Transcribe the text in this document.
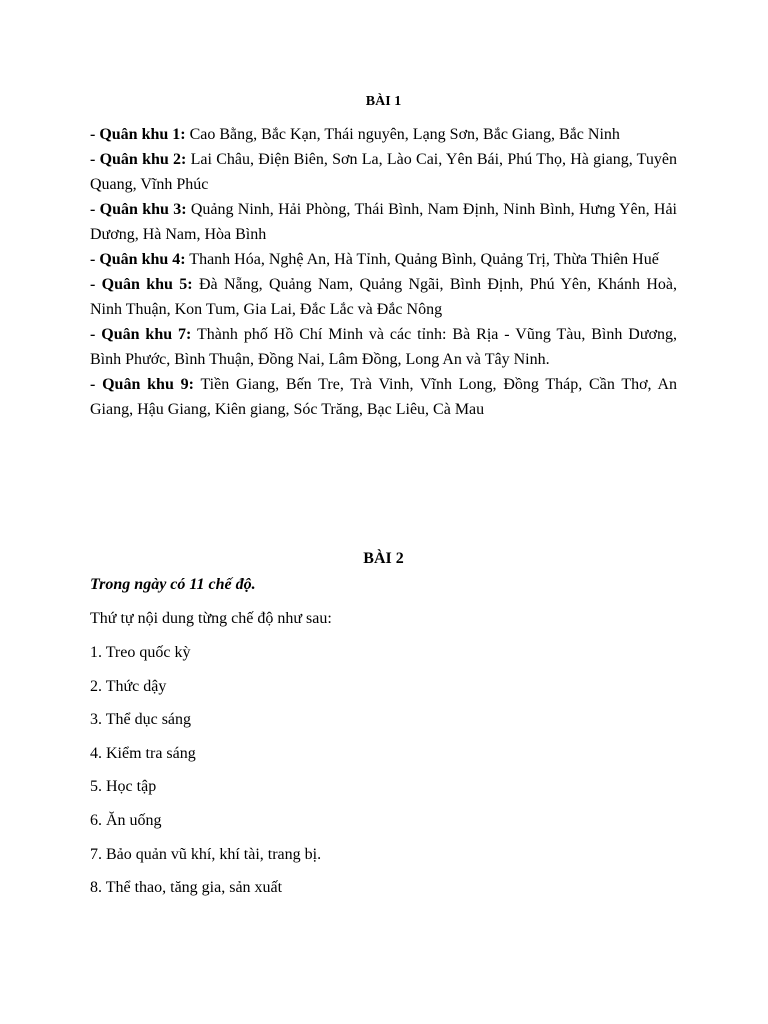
BÀI 1

- Quân khu 1: Cao Bằng, Bắc Kạn, Thái nguyên, Lạng Sơn, Bắc Giang, Bắc Ninh

- Quân khu 2: Lai Châu, Điện Biên, Sơn La, Lào Cai, Yên Bái, Phú Thọ, Hà giang, Tuyên Quang, Vĩnh Phúc

- Quân khu 3: Quảng Ninh, Hải Phòng, Thái Bình, Nam Định, Ninh Bình, Hưng Yên, Hải Dương, Hà Nam, Hòa Bình

- Quân khu 4: Thanh Hóa, Nghệ An, Hà Tỉnh, Quảng Bình, Quảng Trị, Thừa Thiên Huế

- Quân khu 5: Đà Nẵng, Quảng Nam, Quảng Ngãi, Bình Định, Phú Yên, Khánh Hoà, Ninh Thuận, Kon Tum, Gia Lai, Đắc Lắc và Đắc Nông

- Quân khu 7: Thành phố Hồ Chí Minh và các tỉnh: Bà Rịa - Vũng Tàu, Bình Dương, Bình Phước, Bình Thuận, Đồng Nai, Lâm Đồng, Long An và Tây Ninh.

- Quân khu 9: Tiền Giang, Bến Tre, Trà Vinh, Vĩnh Long, Đồng Tháp, Cần Thơ, An Giang, Hậu Giang, Kiên giang, Sóc Trăng, Bạc Liêu, Cà Mau

BÀI 2

Trong ngày có 11 chế độ.

Thứ tự nội dung từng chế độ như sau:

1. Treo quốc kỳ
2. Thức dậy
3. Thể dục sáng
4. Kiểm tra sáng
5. Học tập
6. Ăn uống
7. Bảo quản vũ khí, khí tài, trang bị.
8. Thể thao, tăng gia, sản xuất
